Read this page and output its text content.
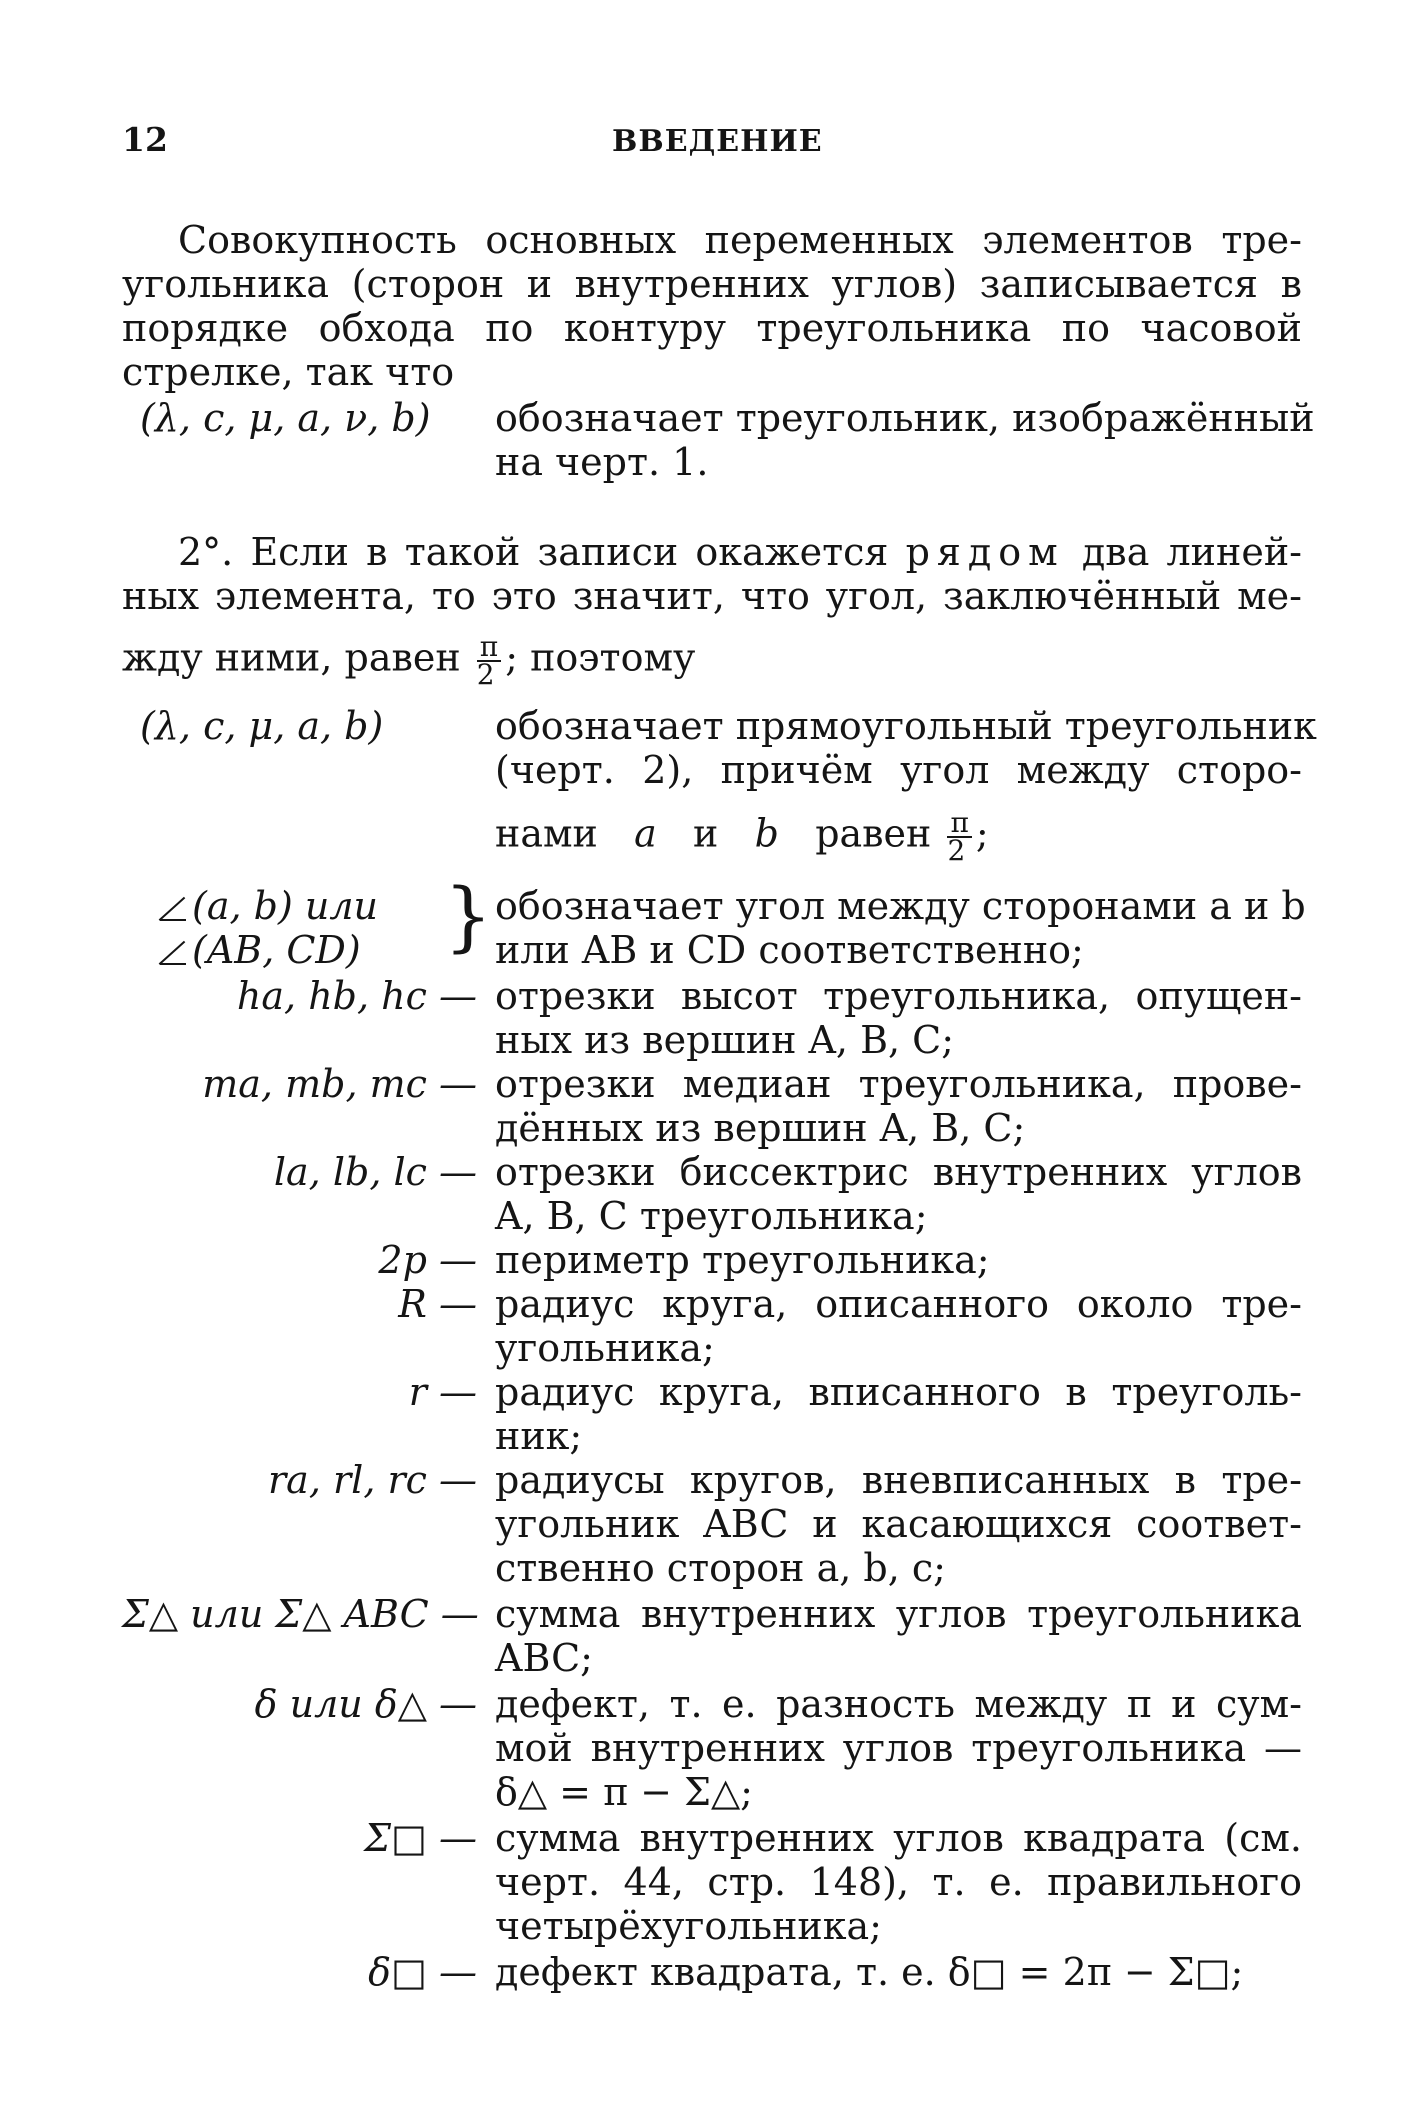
12	ВВЕДЕНИЕ
Совокупность основных переменных элементов тре-
угольника (сторон и внутренних углов) записывается в
порядке обхода по контуру треугольника по часовой
стрелке, так что
(λ, c, μ, a, ν, b)	обозначает треугольник, изображённый
на черт. 1.
2°. Если в такой записи окажется рядом два линей-
ных элемента, то это значит, что угол, заключённый ме-
жду ними, равен $\frac{\pi}{2}$ ; поэтому
(λ, c, μ, a, b)	обозначает прямоугольный треугольник
(черт. 2), причём угол между сторо-
нами a и b равен $\frac{\pi}{2}$ ;
(a, b) или
(AB, CD)	} обозначает угол между сторонами a и b
или AB и CD соответственно;
ha, hb, hc — отрезки высот треугольника, опущен-
ных из вершин A, B, C;
ma, mb, mc — отрезки медиан треугольника, прове-
дённых из вершин A, B, C;
la, lb, lc — отрезки биссектрис внутренних углов
A, B, C треугольника;
2p — периметр треугольника;
R — радиус круга, описанного около тре-
угольника;
r — радиус круга, вписанного в треуголь-
ник;
ra, rl, rc — радиусы кругов, вневписанных в тре-
угольник ABC и касающихся соответ-
ственно сторон a, b, c;
Σ△ или Σ△ ABC — сумма внутренних углов треугольника
ABC;
δ или δ△ — дефект, т. е. разность между π и сум-
мой внутренних углов треугольника —
δ△ = π − Σ△;
Σ□ — сумма внутренних углов квадрата (см.
черт. 44, стр. 148), т. е. правильного
четырёхугольника;
δ□ — дефект квадрата, т. е. δ□ = 2π − Σ□;
